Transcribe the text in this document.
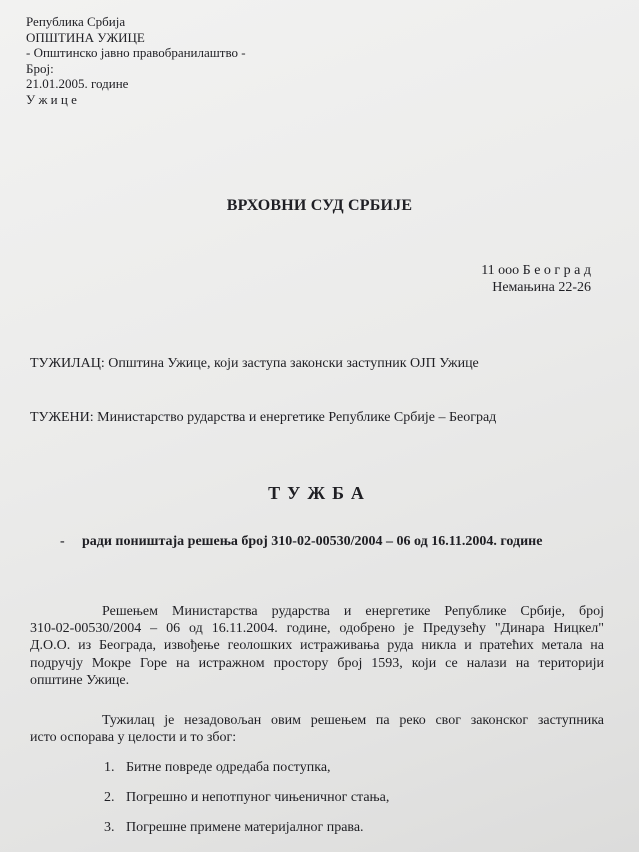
Република Србија
ОПШТИНА УЖИЦЕ
- Општинско јавно правобранилаштво -
Број:
21.01.2005. године
У ж и ц е
ВРХОВНИ СУД СРБИЈЕ
11 ооо Б е о г р а д
Немањина 22-26
ТУЖИЛАЦ: Општина Ужице, који заступа законски заступник ОЈП Ужице
ТУЖЕНИ: Министарство рударства и енергетике Републике Србије – Београд
ТУЖБА
- ради поништаја решења број 310-02-00530/2004 – 06 од 16.11.2004. године
Решењем Министарства рударства и енергетике Републике Србије, број
310-02-00530/2004 – 06 од 16.11.2004. године, одобрено је Предузећу "Динара Ницкел"
Д.О.О. из Београда, извођење геолошких истраживања руда никла и пратећих метала на
подручју Мокре Горе на истражном простору број 1593, који се налази на територији
општине Ужице.
Тужилац је незадовољан овим решењем па реко свог законског заступника
исто оспорава у целости и то због:
1. Битне повреде одредаба поступка,
2. Погрешно и непотпуног чињеничног стања,
3. Погрешне примене материјалног права.
